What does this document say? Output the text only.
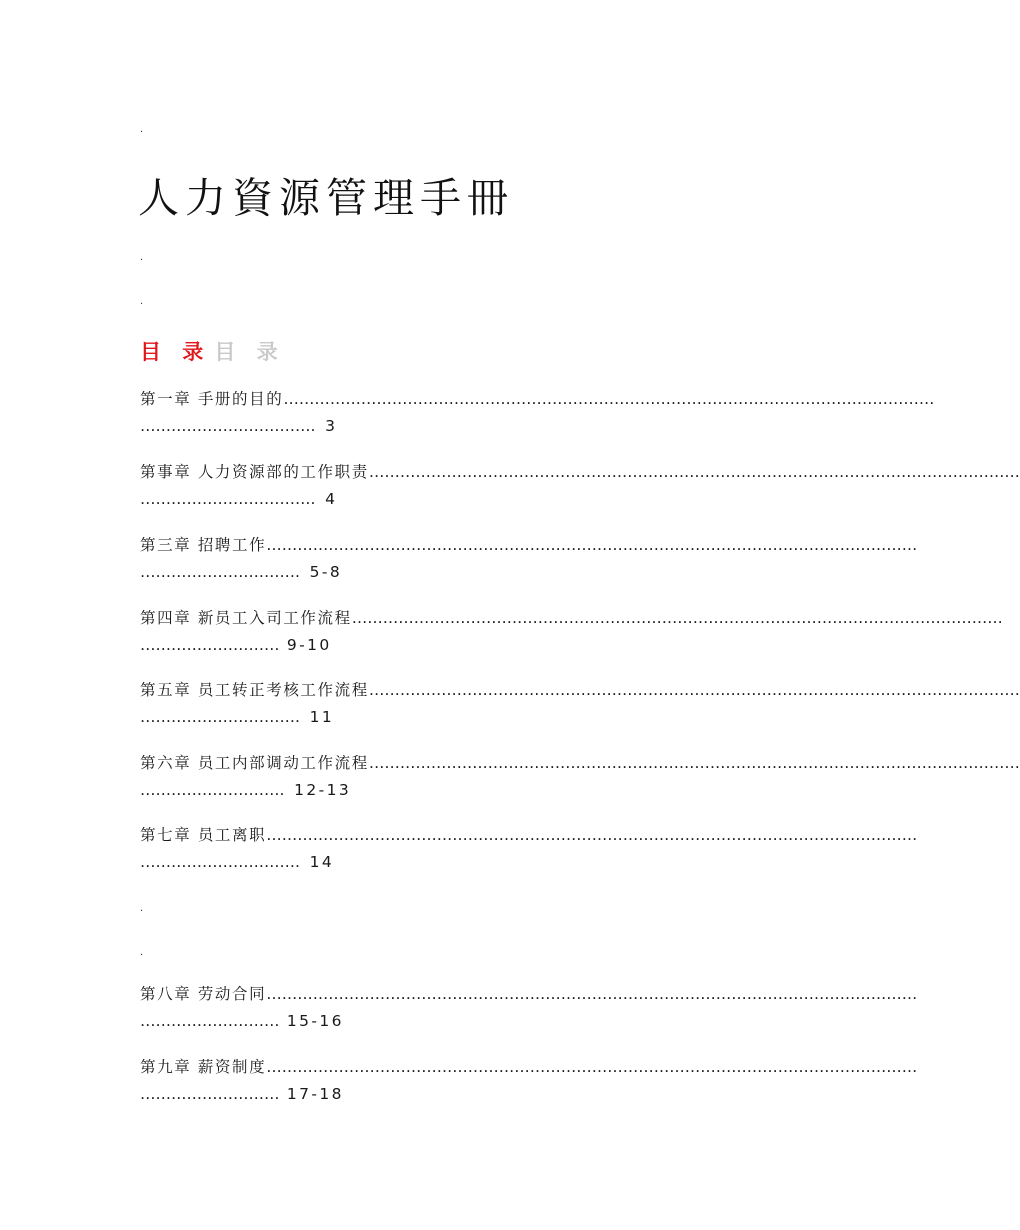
.
人力資源管理手冊
.
.
目 录 目 录
第一章 手册的目的 ………………………………………………………………………………………………………………
……………………………. 3
第事章 人力资源部的工作职责 ………………………………………………………………………………………………………………
……………………………. 4
第三章 招聘工作 ………………………………………………………………………………………………………………
…………………………. 5-8
第四章 新员工入司工作流程 ………………………………………………………………………………………………………………
……………………… 9-10
第五章 员工转正考核工作流程 ………………………………………………………………………………………………………………
…………………………. 11
第六章 员工内部调动工作流程 ………………………………………………………………………………………………………………
………………………. 12-13
第七章 员工离职 ………………………………………………………………………………………………………………
…………………………. 14
.
.
第八章 劳动合同 ………………………………………………………………………………………………………………
……………………… 15-16
第九章 薪资制度 ………………………………………………………………………………………………………………
……………………… 17-18
